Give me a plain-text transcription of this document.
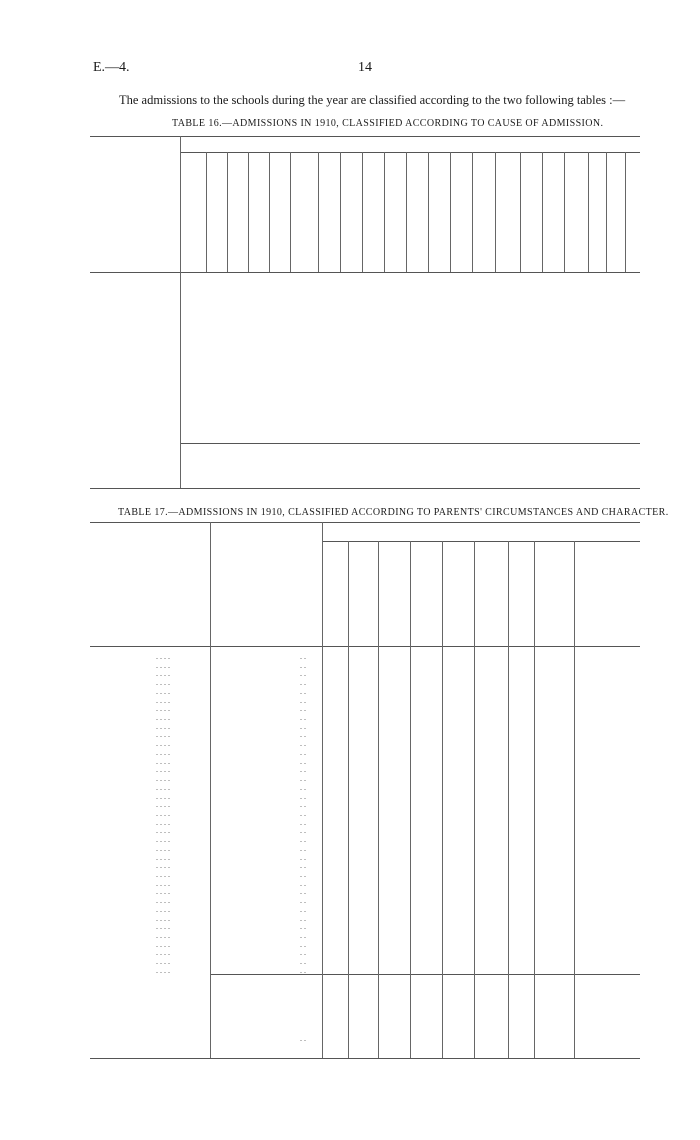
E.—4.	14
The admissions to the schools during the year are classified according to the two following tables :—
TABLE 16.—ADMISSIONS IN 1910, CLASSIFIED ACCORDING TO CAUSE OF ADMISSION.
TABLE 17.—ADMISSIONS IN 1910, CLASSIFIED ACCORDING TO PARENTS' CIRCUMSTANCES AND CHARACTER.
. . . .	. .
. . . .	. .
. . . .	. .
. . . .	. .
. . . .	. .
. . . .	. .
. . . .	. .
. . . .	. .
. . . .	. .
. . . .	. .
. . . .	. .
. . . .	. .
. . . .	. .
. . . .	. .
. . . .	. .
. . . .	. .
. . . .	. .
. . . .	. .
. . . .	. .
. . . .	. .
. . . .	. .
. . . .	. .
. . . .	. .
. . . .	. .
. . . .	. .
. . . .	. .
. . . .	. .
. . . .	. .
. . . .	. .
. . . .	. .
. . . .	. .
. . . .	. .
. . . .	. .
. . . .	. .
. . . .	. .
. . . .	. .
. . . .	. .
. .
